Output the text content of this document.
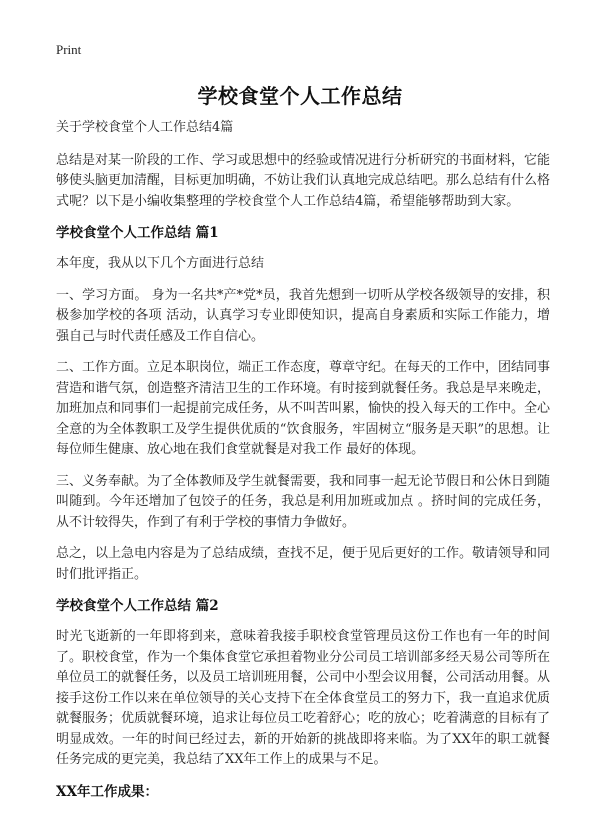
Print
学校食堂个人工作总结

关于学校食堂个人工作总结4篇

总结是对某一阶段的工作、学习或思想中的经验或情况进行分析研究的书面材料，它能够使头脑更加清醒，目标更加明确，不妨让我们认真地完成总结吧。那么总结有什么格式呢？以下是小编收集整理的学校食堂个人工作总结4篇，希望能够帮助到大家。

学校食堂个人工作总结 篇1

本年度，我从以下几个方面进行总结

一、学习方面。 身为一名共*产*党*员，我首先想到一切听从学校各级领导的安排，积极参加学校的各项 活动，认真学习专业即使知识，提高自身素质和实际工作能力，增强自己与时代责任感及工作自信心。

二、工作方面。立足本职岗位，端正工作态度，尊章守纪。在每天的工作中，团结同事营造和谐气氛，创造整齐清洁卫生的工作环境。有时接到就餐任务。我总是早来晚走，加班加点和同事们一起提前完成任务，从不叫苦叫累，愉快的投入每天的工作中。全心全意的为全体教职工及学生提供优质的“饮食服务，牢固树立“服务是天职”的思想。让每位师生健康、放心地在我们食堂就餐是对我工作 最好的体现。

三、义务奉献。为了全体教师及学生就餐需要，我和同事一起无论节假日和公休日到随叫随到。今年还增加了包饺子的任务，我总是利用加班或加点 。挤时间的完成任务，从不计较得失，作到了有利于学校的事情力争做好。

总之，以上急电内容是为了总结成绩，查找不足，便于见后更好的工作。敬请领导和同时们批评指正。

学校食堂个人工作总结 篇2

时光飞逝新的一年即将到来，意味着我接手职校食堂管理员这份工作也有一年的时间了。职校食堂，作为一个集体食堂它承担着物业分公司员工培训部多经天易公司等所在单位员工的就餐任务，以及员工培训班用餐，公司中小型会议用餐，公司活动用餐。从接手这份工作以来在单位领导的关心支持下在全体食堂员工的努力下，我一直追求优质就餐服务；优质就餐环境，追求让每位员工吃着舒心；吃的放心；吃着满意的目标有了明显成效。一年的时间已经过去，新的开始新的挑战即将来临。为了XX年的职工就餐任务完成的更完美，我总结了XX年工作上的成果与不足。

XX年工作成果：
